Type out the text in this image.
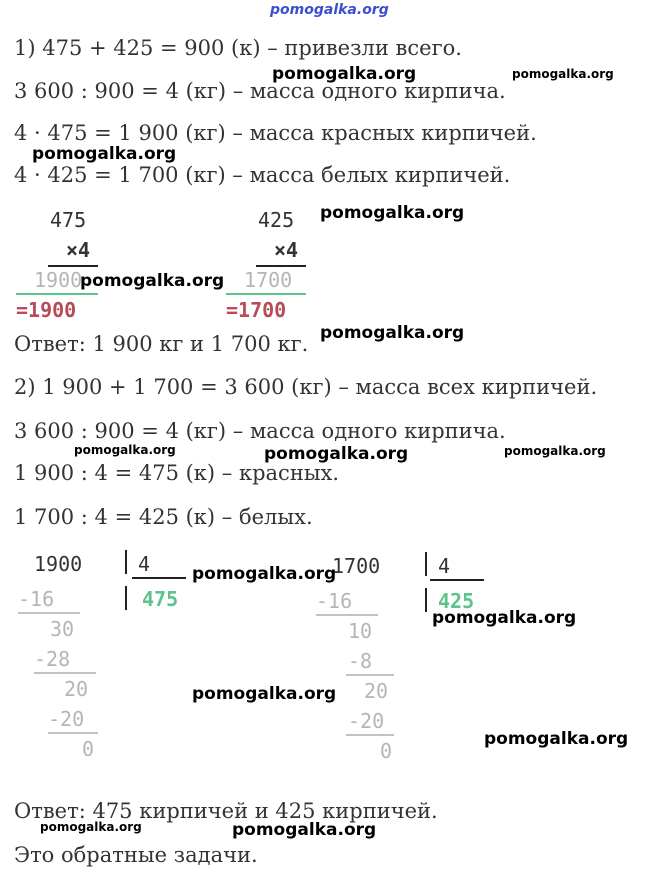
pomogalka.org
1) 475 + 425 = 900 (к) – привезли всего.
3 600 : 900 = 4 (кг) – масса одного кирпича.
4 · 475 = 1 900 (кг) – масса красных кирпичей.
4 · 425 = 1 700 (кг) – масса белых кирпичей.
Ответ: 1 900 кг и 1 700 кг.
2) 1 900 + 1 700 = 3 600 (кг) – масса всех кирпичей.
3 600 : 900 = 4 (кг) – масса одного кирпича.
1 900 : 4 = 475 (к) – красных.
1 700 : 4 = 425 (к) – белых.
Ответ: 475 кирпичей и 425 кирпичей.
Это обратные задачи.
475
×4
1900
=1900
425
×4
1700
=1700
1900	4
475
-16
30
-28
20
-20
0
1700	4
425
-16
10
-8
20
-20
0
pomogalka.org	pomogalka.org
pomogalka.org
pomogalka.org
pomogalka.org
pomogalka.org
pomogalka.org	pomogalka.org	pomogalka.org
pomogalka.org
pomogalka.org
pomogalka.org
pomogalka.org
pomogalka.org	pomogalka.org
